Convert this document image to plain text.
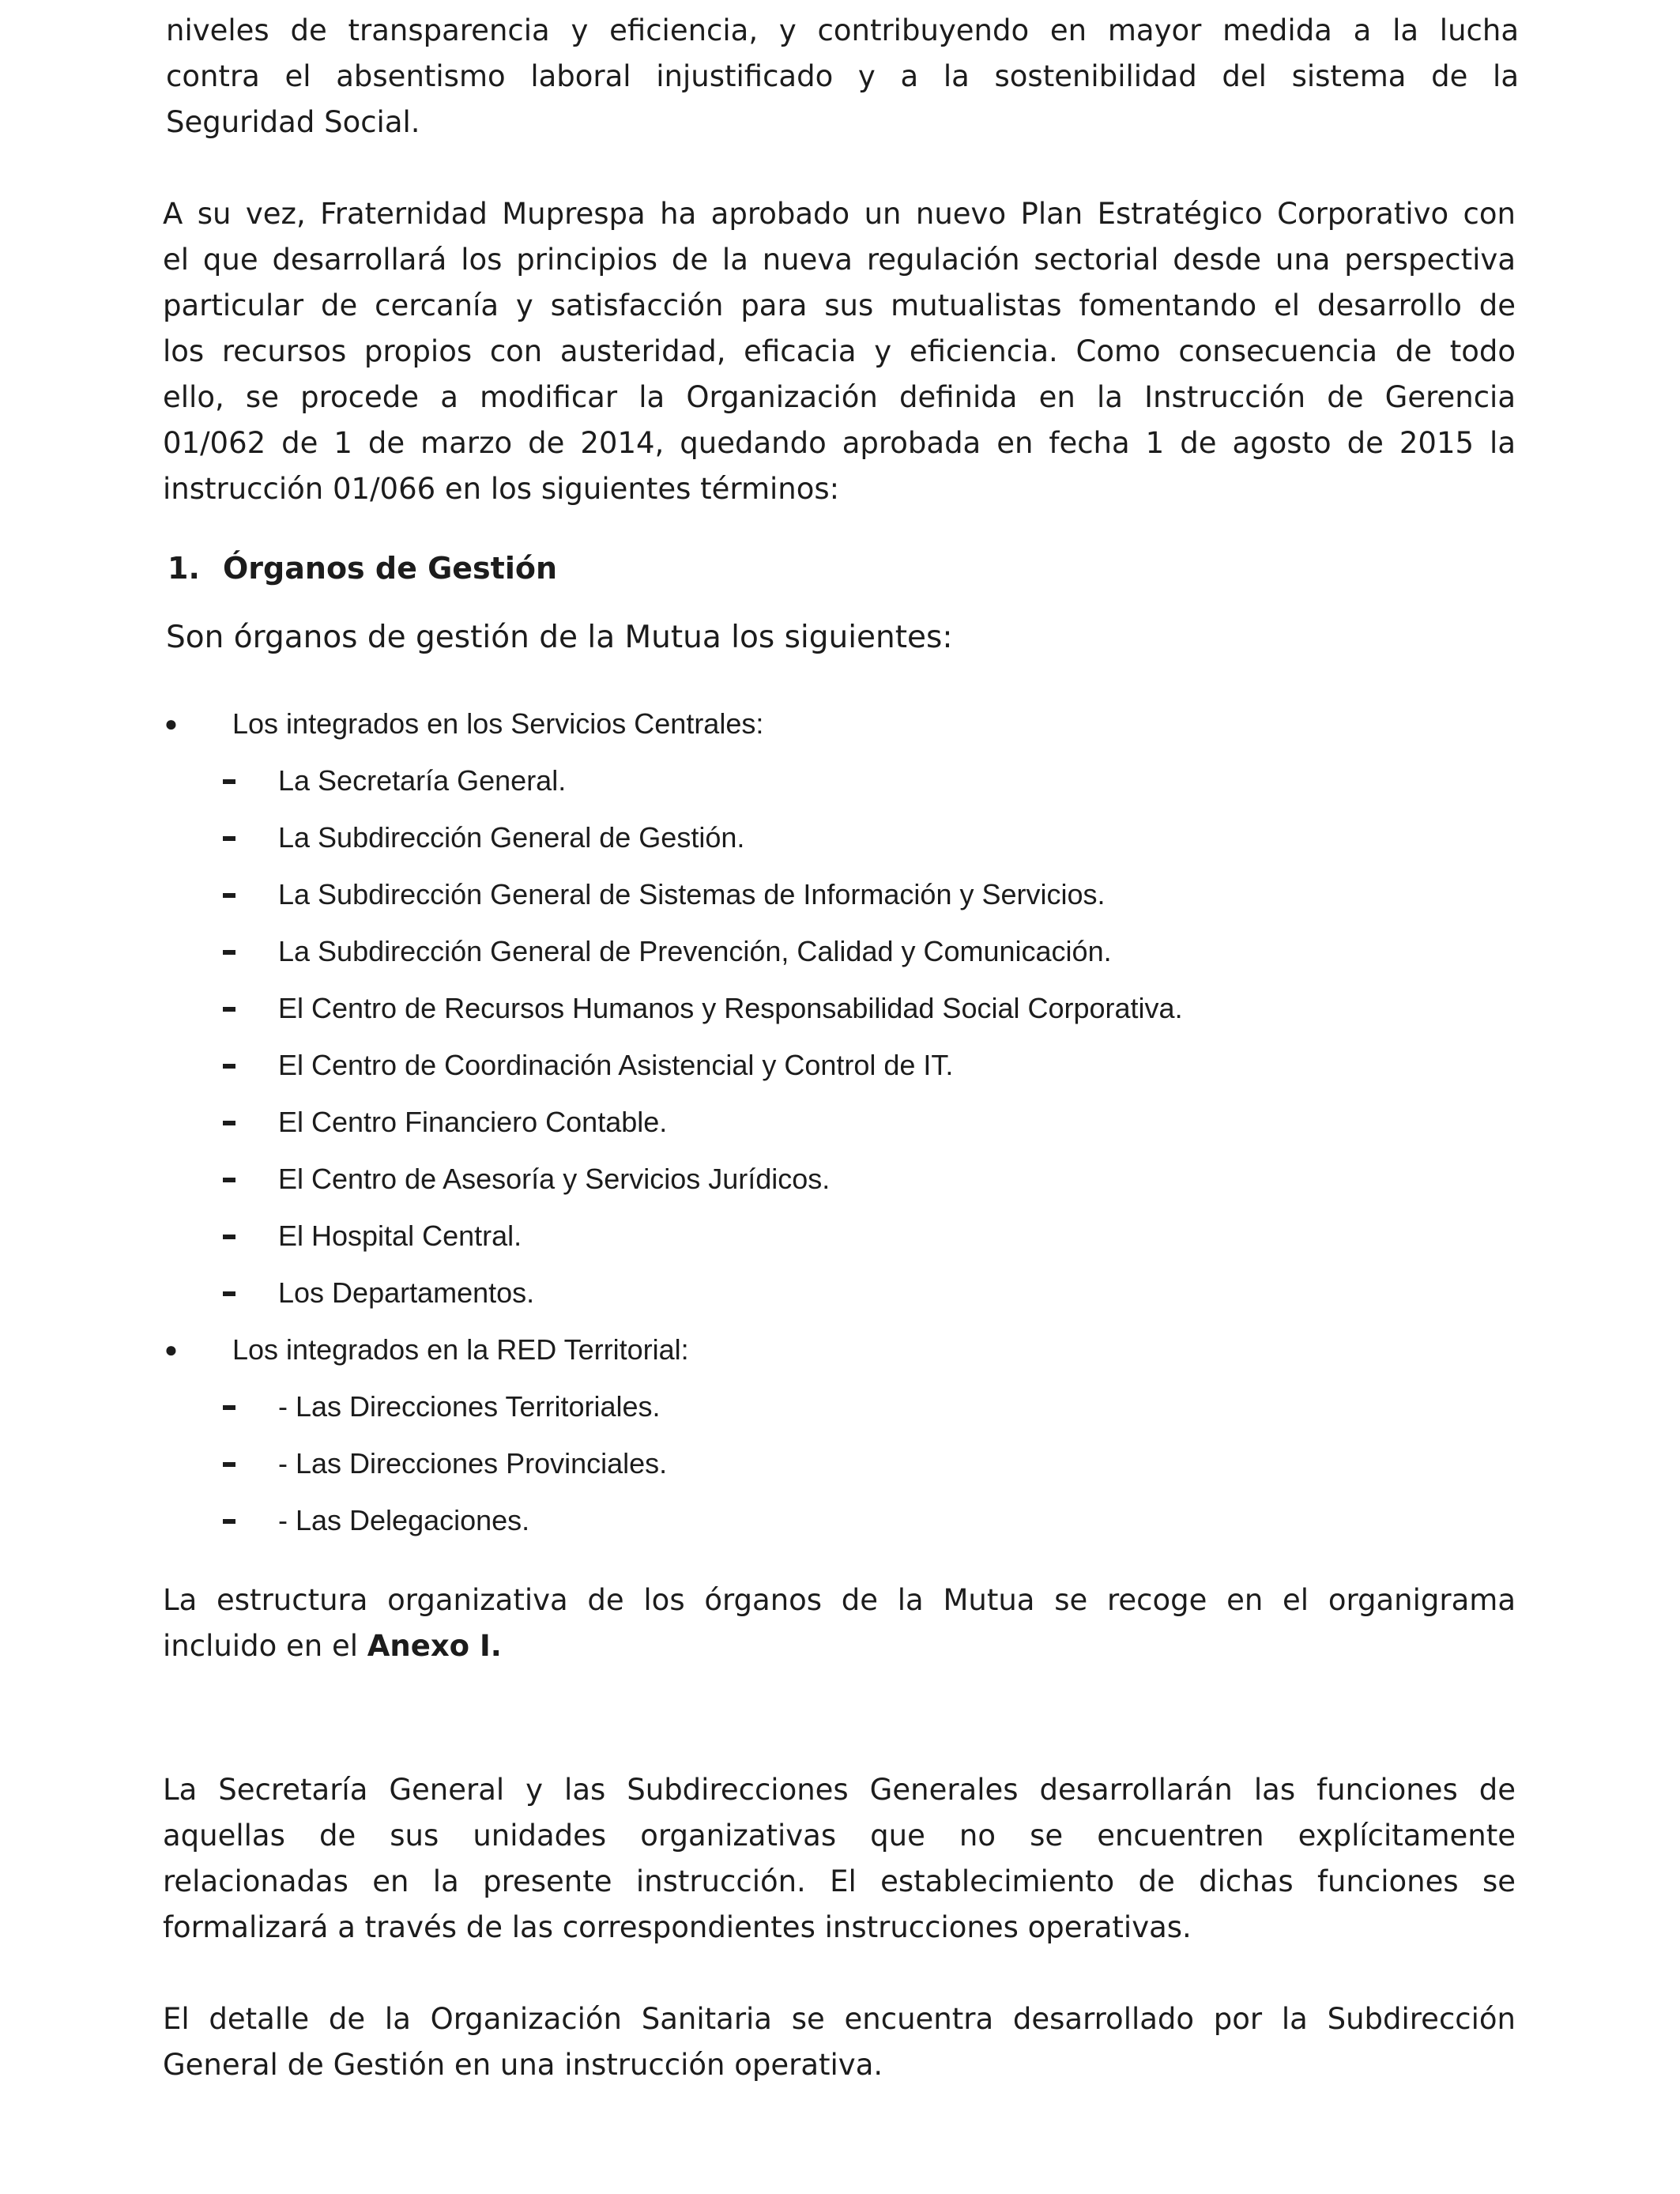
niveles de transparencia y eficiencia, y contribuyendo en mayor medida a la lucha
contra el absentismo laboral injustificado y a la sostenibilidad del sistema de la
Seguridad Social.

A su vez, Fraternidad Muprespa ha aprobado un nuevo Plan Estratégico Corporativo con
el que desarrollará los principios de la nueva regulación sectorial desde una perspectiva
particular de cercanía y satisfacción para sus mutualistas fomentando el desarrollo de
los recursos propios con austeridad, eficacia y eficiencia. Como consecuencia de todo
ello, se procede a modificar la Organización definida en la Instrucción de Gerencia
01/062 de 1 de marzo de 2014, quedando aprobada en fecha 1 de agosto de 2015 la
instrucción 01/066 en los siguientes términos:

1. Órganos de Gestión

Son órganos de gestión de la Mutua los siguientes:

● Los integrados en los Servicios Centrales:
La Secretaría General.
La Subdirección General de Gestión.
La Subdirección General de Sistemas de Información y Servicios.
La Subdirección General de Prevención, Calidad y Comunicación.
El Centro de Recursos Humanos y Responsabilidad Social Corporativa.
El Centro de Coordinación Asistencial y Control de IT.
El Centro Financiero Contable.
El Centro de Asesoría y Servicios Jurídicos.
El Hospital Central.
Los Departamentos.
● Los integrados en la RED Territorial:
- Las Direcciones Territoriales.
- Las Direcciones Provinciales.
- Las Delegaciones.

La estructura organizativa de los órganos de la Mutua se recoge en el organigrama
incluido en el Anexo I.

La Secretaría General y las Subdirecciones Generales desarrollarán las funciones de
aquellas de sus unidades organizativas que no se encuentren explícitamente
relacionadas en la presente instrucción. El establecimiento de dichas funciones se
formalizará a través de las correspondientes instrucciones operativas.

El detalle de la Organización Sanitaria se encuentra desarrollado por la Subdirección
General de Gestión en una instrucción operativa.
